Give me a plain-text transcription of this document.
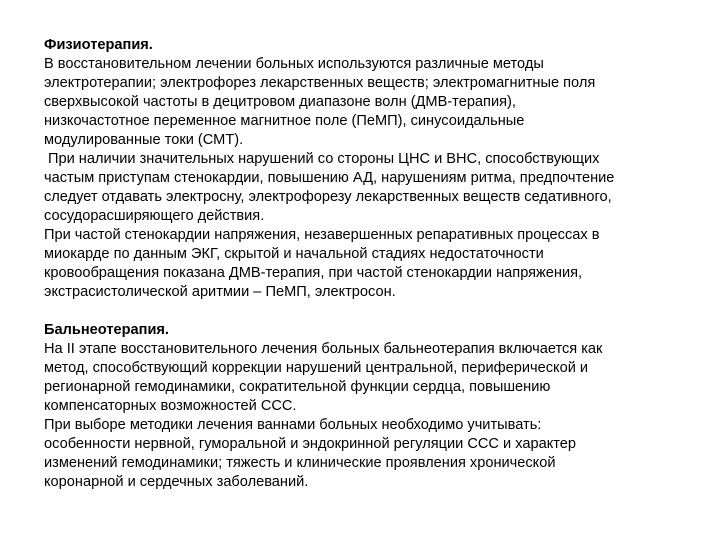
Физиотерапия.
В восстановительном лечении больных используются различные методы
электротерапии; электрофорез лекарственных веществ; электромагнитные поля
сверхвысокой частоты в децитровом диапазоне волн (ДМВ-терапия),
низкочастотное переменное магнитное поле (ПеМП), синусоидальные
модулированные токи (СМТ).
При наличии значительных нарушений со стороны ЦНС и ВНС, способствующих
частым приступам стенокардии, повышению АД, нарушениям ритма, предпочтение
следует отдавать электросну, электрофорезу лекарственных веществ седативного,
сосудорасширяющего действия.
При частой стенокардии напряжения, незавершенных репаративных процессах в
миокарде по данным ЭКГ, скрытой и начальной стадиях недостаточности
кровообращения показана ДМВ-терапия, при частой стенокардии напряжения,
экстрасистолической аритмии – ПеМП, электросон.
Бальнеотерапия.
На II этапе восстановительного лечения больных бальнеотерапия включается как
метод, способствующий коррекции нарушений центральной, периферической и
регионарной гемодинамики, сократительной функции сердца, повышению
компенсаторных возможностей ССС.
При выборе методики лечения ваннами больных необходимо учитывать:
особенности нервной, гуморальной и эндокринной регуляции ССС и характер
изменений гемодинамики; тяжесть и клинические проявления хронической
коронарной и сердечных заболеваний.
